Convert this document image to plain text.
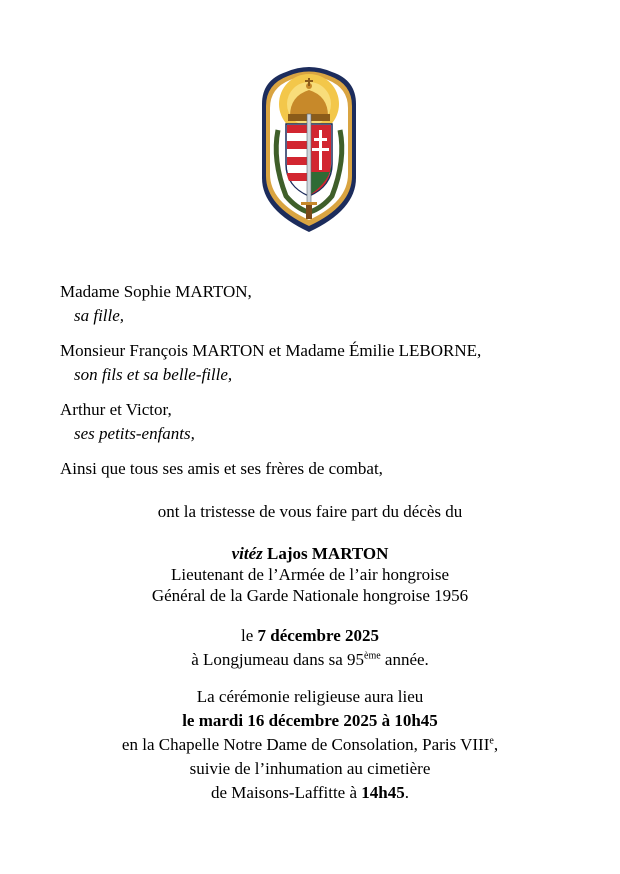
Madame Sophie MARTON,

sa fille,

Monsieur François MARTON et Madame Émilie LEBORNE,

son fils et sa belle-fille,

Arthur et Victor,

ses petits-enfants,

Ainsi que tous ses amis et ses frères de combat,

ont la tristesse de vous faire part du décès du

vitéz Lajos MARTON

Lieutenant de l’Armée de l’air hongroise

Général de la Garde Nationale hongroise 1956

le 7 décembre 2025

à Longjumeau dans sa 95ème année.

La cérémonie religieuse aura lieu

le mardi 16 décembre 2025 à 10h45

en la Chapelle Notre Dame de Consolation, Paris VIIIe,

suivie de l’inhumation au cimetière

de Maisons-Laffitte à 14h45.
